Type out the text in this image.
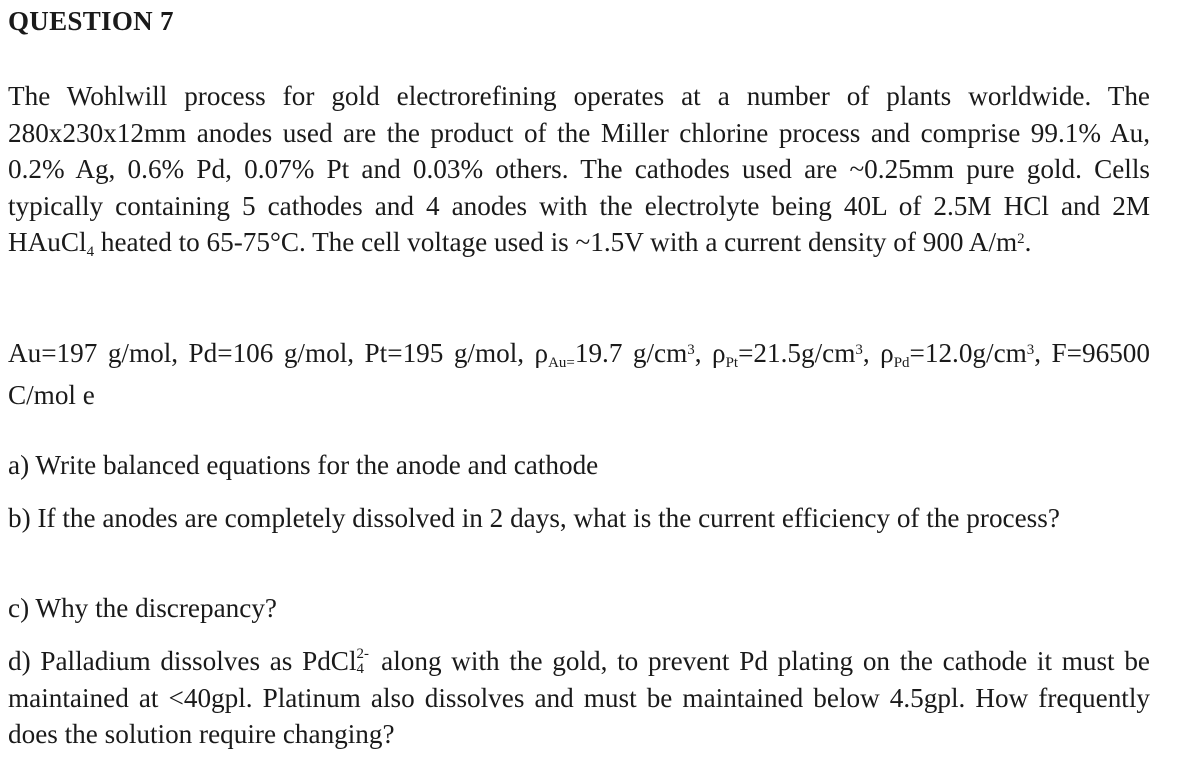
QUESTION 7

The Wohlwill process for gold electrorefining operates at a number of plants worldwide. The 280x230x12mm anodes used are the product of the Miller chlorine process and comprise 99.1% Au, 0.2% Ag, 0.6% Pd, 0.07% Pt and 0.03% others. The cathodes used are ~0.25mm pure gold. Cells typically containing 5 cathodes and 4 anodes with the electrolyte being 40L of 2.5M HCl and 2M HAuCl4 heated to 65-75°C. The cell voltage used is ~1.5V with a current density of 900 $A/m^2$.

Au=197 g/mol, Pd=106 g/mol, Pt=195 g/mol, ρAu=19.7 $g/cm^3$, $\rho Pt=21.5g/cm^3$, $\rho Pd=12.0g/cm^3$, F=96500 C/mol e

a) Write balanced equations for the anode and cathode

b) If the anodes are completely dissolved in 2 days, what is the current efficiency of the process?

c) Why the discrepancy?

d) Palladium dissolves as PdCl 2-
4 along with the gold, to prevent Pd plating on the cathode it must be maintained at <40gpl. Platinum also dissolves and must be maintained below 4.5gpl. How frequently does the solution require changing?
